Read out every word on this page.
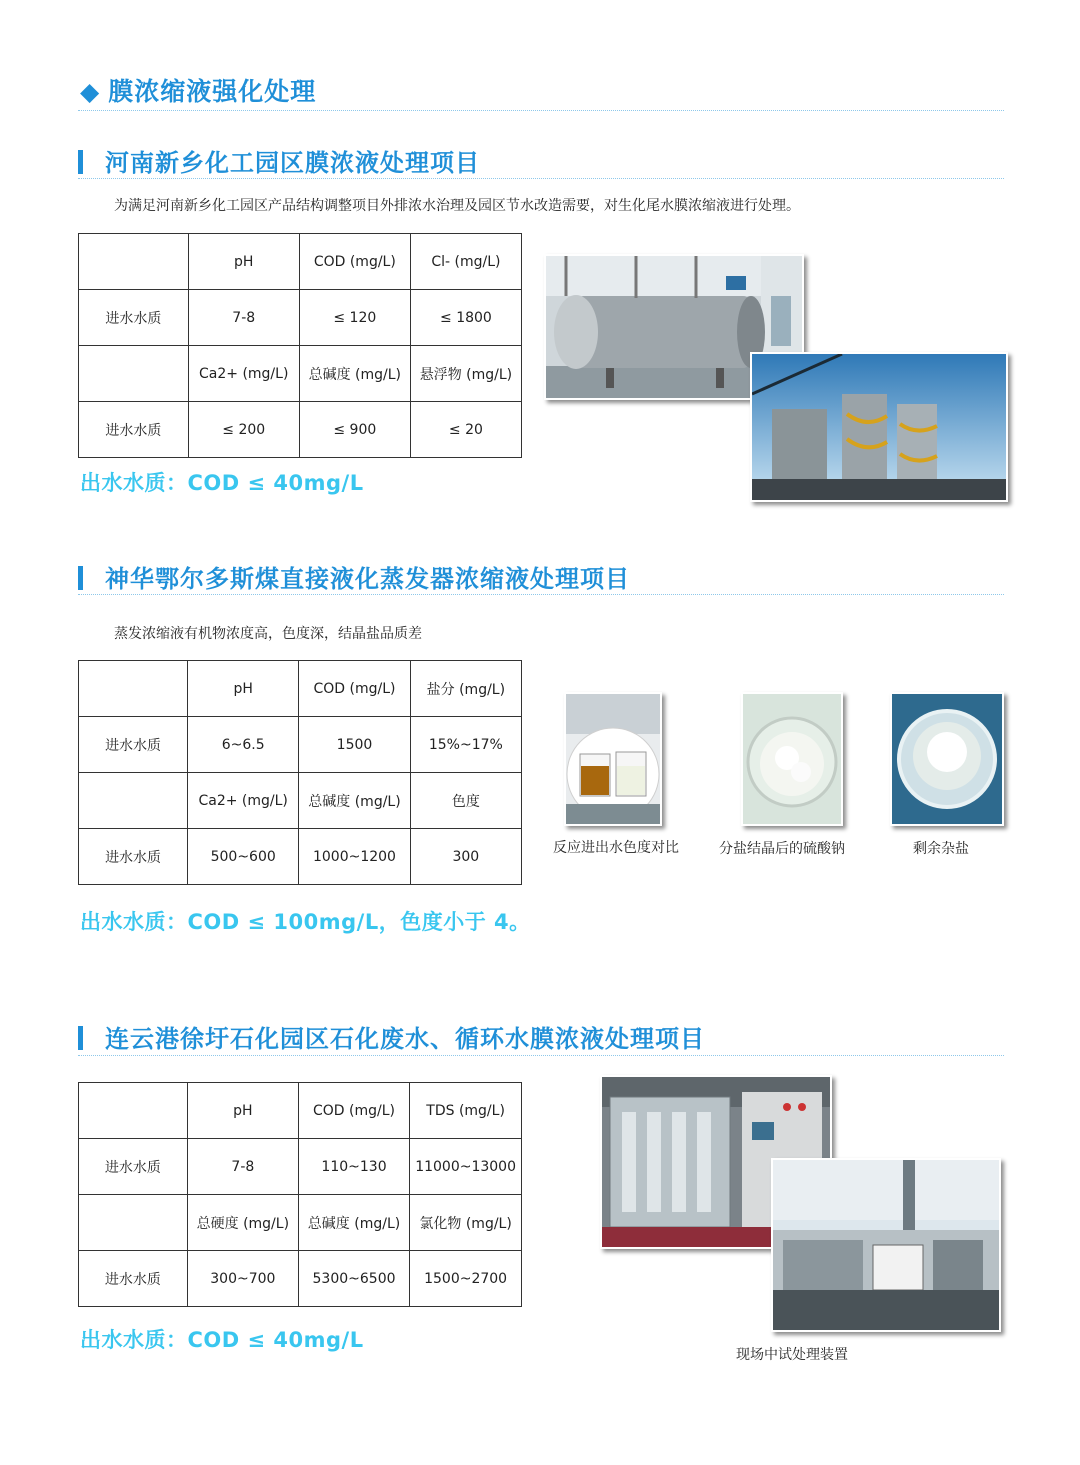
◆ 膜浓缩液强化处理
河南新乡化工园区膜浓液处理项目
为满足河南新乡化工园区产品结构调整项目外排浓水治理及园区节水改造需要，对生化尾水膜浓缩液进行处理。
	pH	COD (mg/L)	Cl- (mg/L)
进水水质	7-8	≤ 120	≤ 1800
	Ca2+ (mg/L)	总碱度 (mg/L)	悬浮物 (mg/L)
进水水质	≤ 200	≤ 900	≤ 20
出水水质：COD ≤ 40mg/L
神华鄂尔多斯煤直接液化蒸发器浓缩液处理项目
蒸发浓缩液有机物浓度高，色度深，结晶盐品质差
	pH	COD (mg/L)	盐分 (mg/L)
进水水质	6~6.5	1500	15%~17%
	Ca2+ (mg/L)	总碱度 (mg/L)	色度
进水水质	500~600	1000~1200	300
出水水质：COD ≤ 100mg/L，色度小于 4。
反应进出水色度对比	分盐结晶后的硫酸钠	剩余杂盐
连云港徐圩石化园区石化废水、循环水膜浓液处理项目
	pH	COD (mg/L)	TDS (mg/L)
进水水质	7-8	110~130	11000~13000
	总硬度 (mg/L)	总碱度 (mg/L)	氯化物 (mg/L)
进水水质	300~700	5300~6500	1500~2700
出水水质：COD ≤ 40mg/L
现场中试处理装置
